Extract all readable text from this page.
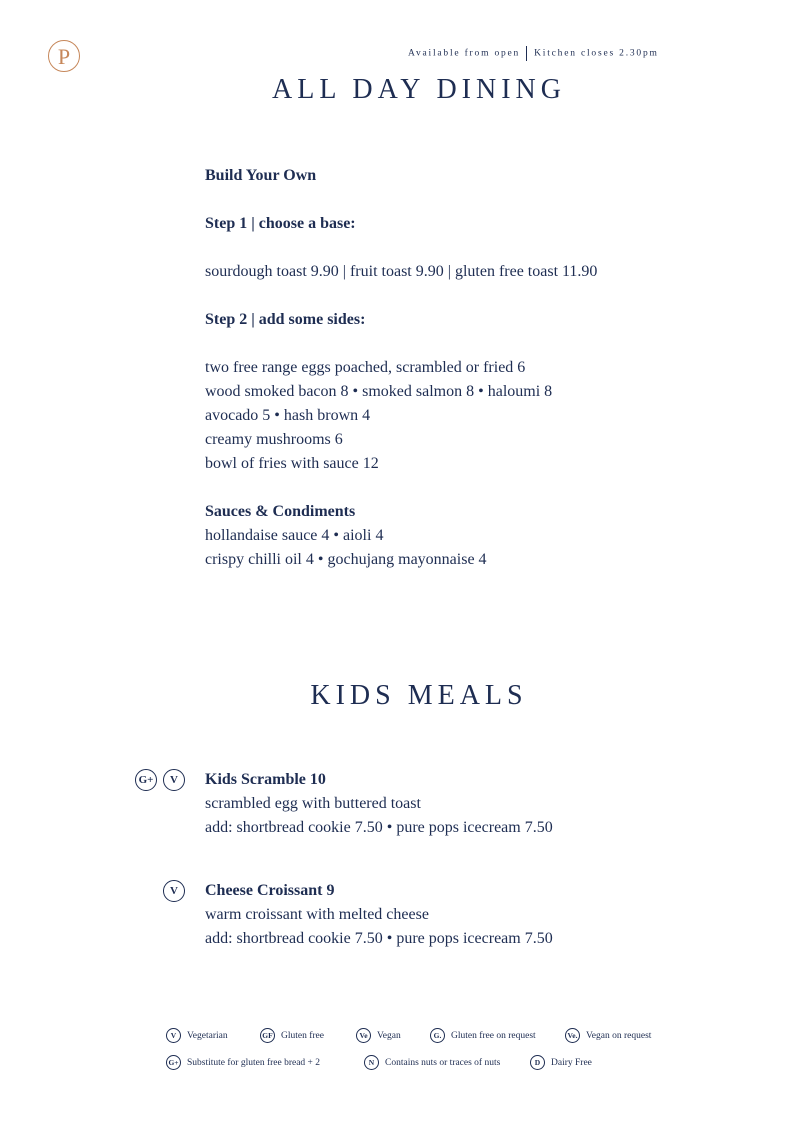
P	Available from open Kitchen closes 2.30pm
ALL DAY DINING
Build Your Own
Step 1 | choose a base:
sourdough toast 9.90 | fruit toast 9.90 | gluten free toast 11.90
Step 2 | add some sides:
two free range eggs poached, scrambled or fried 6
wood smoked bacon 8 • smoked salmon 8 • haloumi 8
avocado 5 • hash brown 4
creamy mushrooms 6
bowl of fries with sauce 12
Sauces & Condiments
hollandaise sauce 4 • aioli 4
crispy chilli oil 4 • gochujang mayonnaise 4
KIDS MEALS
G+	V	Kids Scramble 10
scrambled egg with buttered toast
add: shortbread cookie 7.50 • pure pops icecream 7.50
V	Cheese Croissant 9
warm croissant with melted cheese
add: shortbread cookie 7.50 • pure pops icecream 7.50
V	Vegetarian	GF Gluten free	Ve Vegan	G.	Gluten free on request	Ve. Vegan on request
G+ Substitute for gluten free bread + 2	N	Contains nuts or traces of nuts	D	Dairy Free
